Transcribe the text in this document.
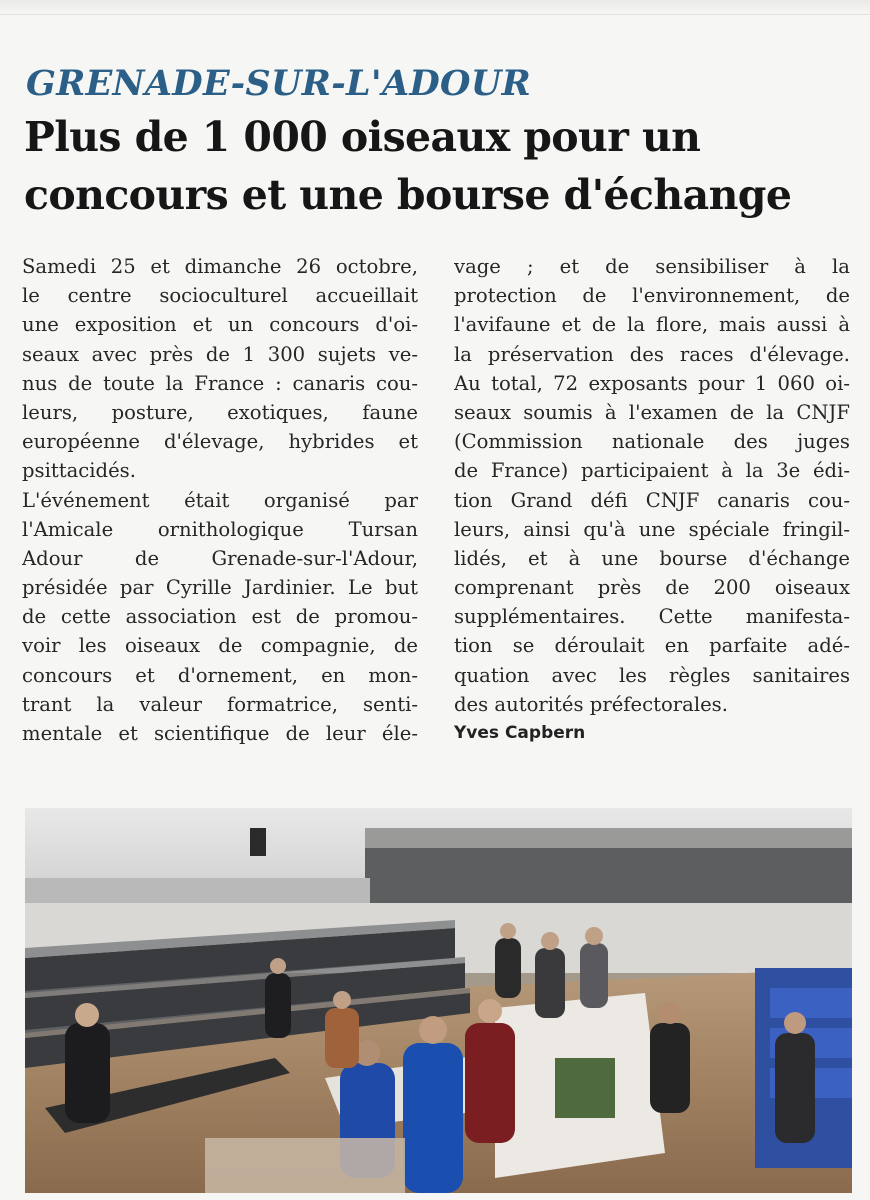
GRENADE-SUR-L'ADOUR
Plus de 1 000 oiseaux pour un
concours et une bourse d'échange
Samedi 25 et dimanche 26 octobre,
le centre socioculturel accueillait
une exposition et un concours d'oi-
seaux avec près de 1 300 sujets ve-
nus de toute la France : canaris cou-
leurs, posture, exotiques, faune
européenne d'élevage, hybrides et
psittacidés.
L'événement était organisé par
l'Amicale ornithologique Tursan
Adour de Grenade-sur-l'Adour,
présidée par Cyrille Jardinier. Le but
de cette association est de promou-
voir les oiseaux de compagnie, de
concours et d'ornement, en mon-
trant la valeur formatrice, senti-
mentale et scientifique de leur éle-
vage ; et de sensibiliser à la
protection de l'environnement, de
l'avifaune et de la flore, mais aussi à
la préservation des races d'élevage.
Au total, 72 exposants pour 1 060 oi-
seaux soumis à l'examen de la CNJF
(Commission nationale des juges
de France) participaient à la 3e édi-
tion Grand défi CNJF canaris cou-
leurs, ainsi qu'à une spéciale fringil-
lidés, et à une bourse d'échange
comprenant près de 200 oiseaux
supplémentaires. Cette manifesta-
tion se déroulait en parfaite adé-
quation avec les règles sanitaires
des autorités préfectorales.
Yves Capbern
